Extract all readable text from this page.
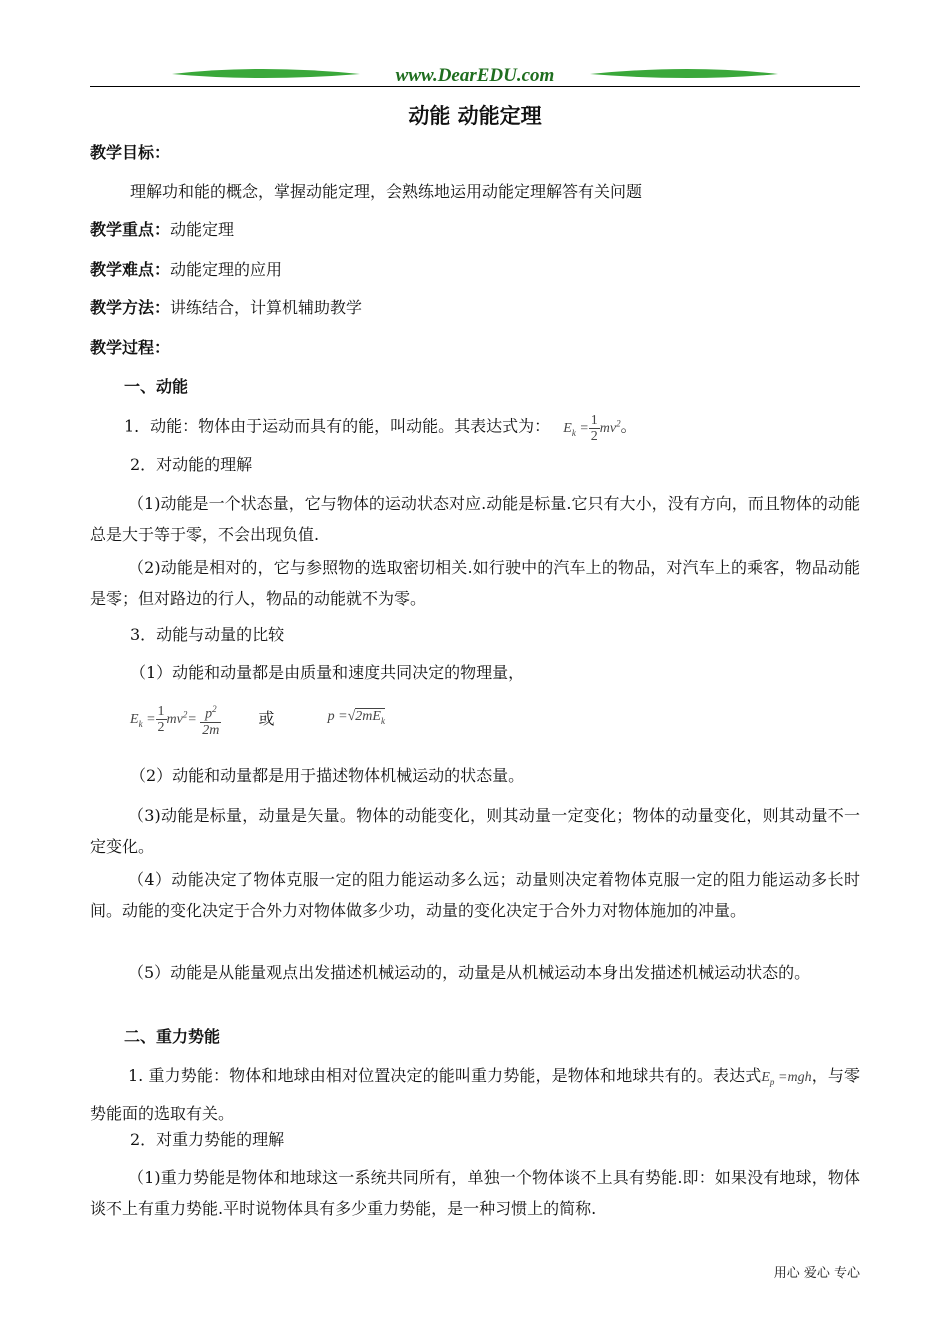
www.DearEDU.com
动能 动能定理
教学目标：
理解功和能的概念，掌握动能定理，会熟练地运用动能定理解答有关问题
教学重点：动能定理
教学难点：动能定理的应用
教学方法：讲练结合，计算机辅助教学
教学过程：
一、动能
1．动能：物体由于运动而具有的能，叫动能。其表达式为： $E_k = \frac{1}{2} mv^2$。
2．对动能的理解
（1)动能是一个状态量，它与物体的运动状态对应.动能是标量.它只有大小，没有方向，而且物体的动能总是大于等于零，不会出现负值.
（2)动能是相对的，它与参照物的选取密切相关.如行驶中的汽车上的物品，对汽车上的乘客，物品动能是零；但对路边的行人，物品的动能就不为零。
3．动能与动量的比较
（1）动能和动量都是由质量和速度共同决定的物理量，
$E_k = \frac{1}{2} mv^2= \frac{p^2}{2m}$ 或	$p =√2mE_k$
（2）动能和动量都是用于描述物体机械运动的状态量。
（3)动能是标量，动量是矢量。物体的动能变化，则其动量一定变化；物体的动量变化，则其动量不一定变化。
（4）动能决定了物体克服一定的阻力能运动多么远；动量则决定着物体克服一定的阻力能运动多长时间。动能的变化决定于合外力对物体做多少功，动量的变化决定于合外力对物体施加的冲量。
（5）动能是从能量观点出发描述机械运动的，动量是从机械运动本身出发描述机械运动状态的。
二、重力势能
1. 重力势能：物体和地球由相对位置决定的能叫重力势能，是物体和地球共有的。表达式$E_p =mgh$，与零势能面的选取有关。
2．对重力势能的理解
（1)重力势能是物体和地球这一系统共同所有，单独一个物体谈不上具有势能.即：如果没有地球，物体谈不上有重力势能.平时说物体具有多少重力势能，是一种习惯上的简称.
用心 爱心 专心
